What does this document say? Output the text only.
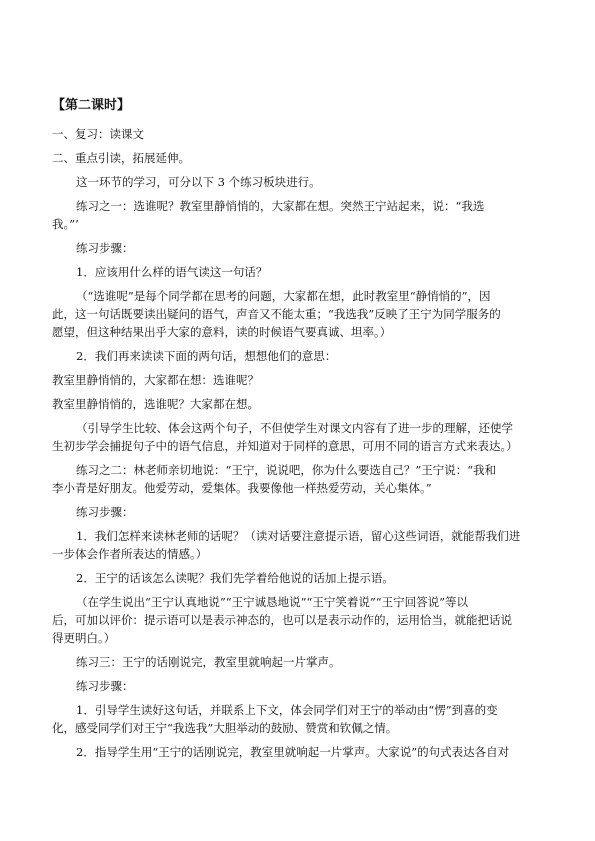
【第二课时】

一、复习：读课文

二、重点引读，拓展延伸。

这一环节的学习，可分以下 3 个练习板块进行。

练习之一：选谁呢？教室里静悄悄的，大家都在想。突然王宁站起来，说：“我选

我。”’

练习步骤：

1．应该用什么样的语气读这一句话？

（“选谁呢”是每个同学都在思考的问题，大家都在想，此时教室里“静悄悄的”，因

此，这一句话既要读出疑问的语气，声音又不能太重；“我选我”反映了王宁为同学服务的

愿望，但这种结果出乎大家的意料，读的时候语气要真诚、坦率。）

2．我们再来读读下面的两句话，想想他们的意思：

教室里静悄悄的，大家都在想：选谁呢？

教室里静悄悄的，选谁呢？大家都在想。

（引导学生比较、体会这两个句子，不但使学生对课文内容有了进一步的理解，还使学

生初步学会捕捉句子中的语气信息，并知道对于同样的意思，可用不同的语言方式来表达。）

练习之二：林老师亲切地说：“王宁，说说吧，你为什么要选自己？”王宁说：“我和

李小青是好朋友。他爱劳动，爱集体。我要像他一样热爱劳动，关心集体。”

练习步骤：

1．我们怎样来读林老师的话呢？（读对话要注意提示语，留心这些词语，就能帮我们进

一步体会作者所表达的情感。）

2．王宁的话该怎么读呢？我们先学着给他说的话加上提示语。

（在学生说出“王宁认真地说”“王宁诚恳地说”“王宁笑着说”“王宁回答说”等以

后，可加以评价：提示语可以是表示神态的，也可以是表示动作的，运用恰当，就能把话说

得更明白。）

练习三：王宁的话刚说完，教室里就响起一片掌声。

练习步骤：

1．引导学生读好这句话，并联系上下文，体会同学们对王宁的举动由“愣”到喜的变

化，感受同学们对王宁“我选我”大胆举动的鼓励、赞赏和钦佩之情。

2．指导学生用“王宁的话刚说完，教室里就响起一片掌声。大家说”的句式表达各自对
